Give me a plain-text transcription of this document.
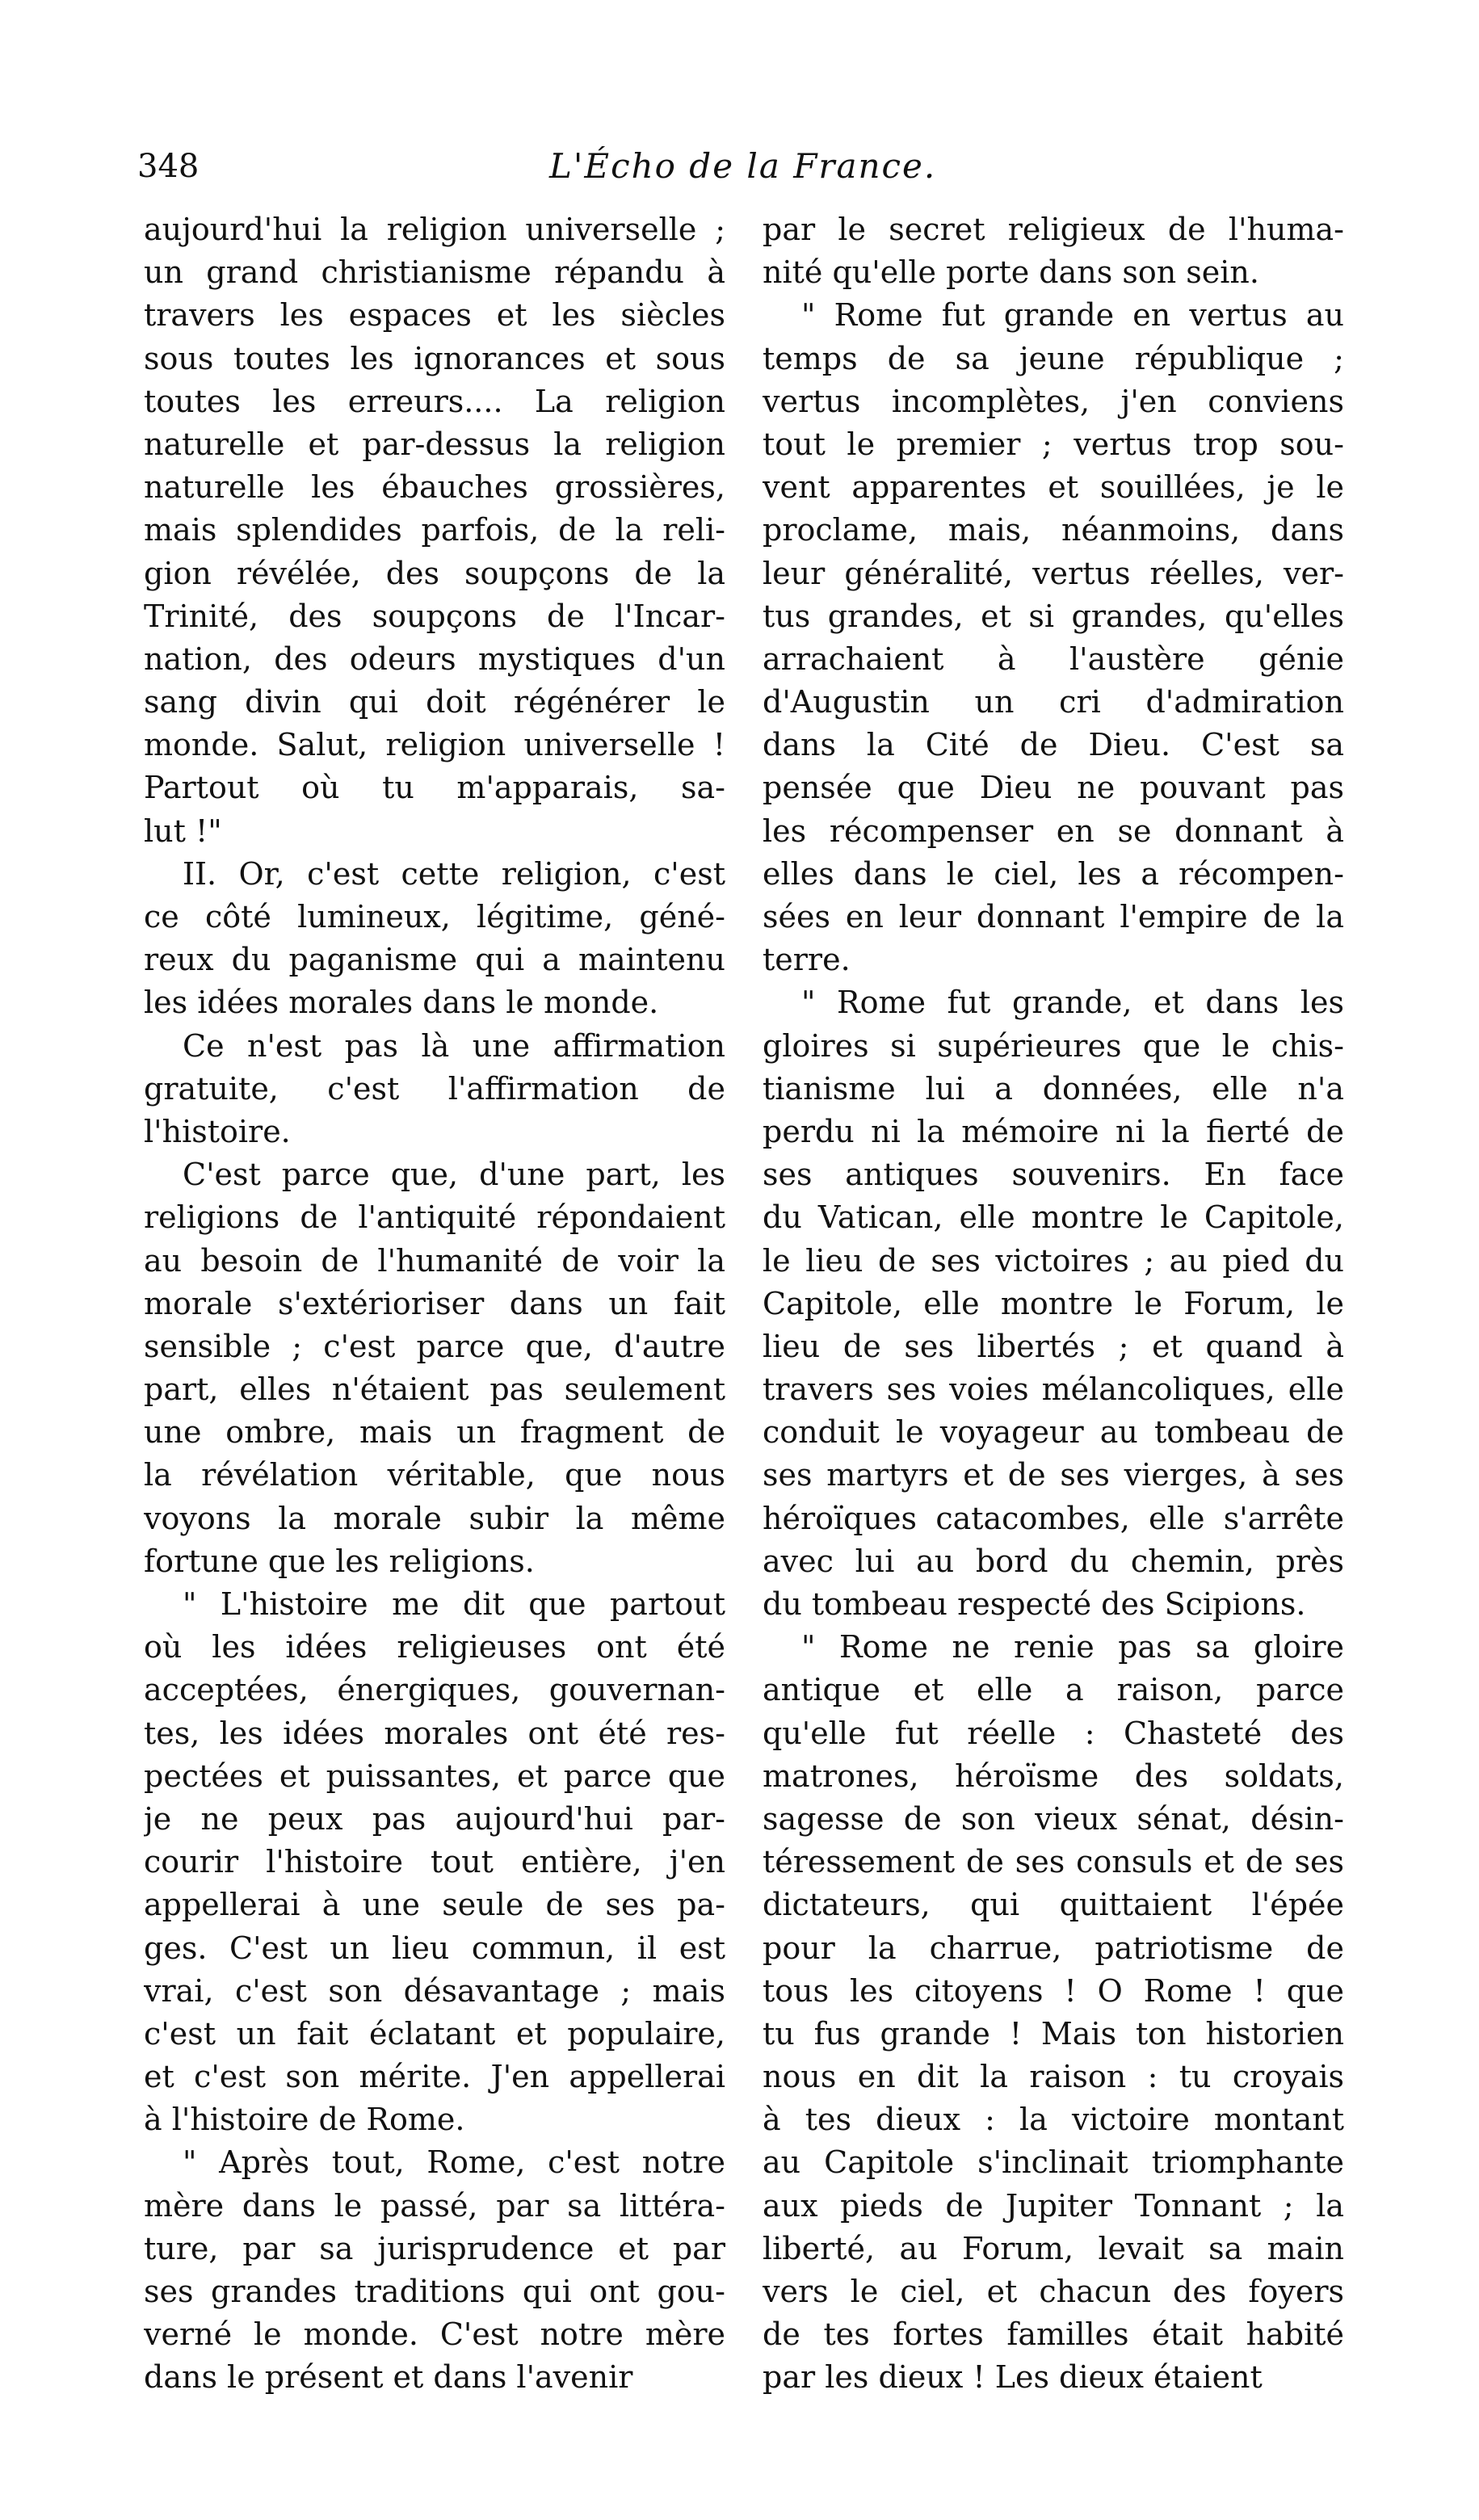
348	L'Écho de la France.
aujourd'hui la religion universelle ;
un grand christianisme répandu à
travers les espaces et les siècles
sous toutes les ignorances et sous
toutes les erreurs.... La religion
naturelle et par-dessus la religion
naturelle les ébauches grossières,
mais splendides parfois, de la reli-
gion révélée, des soupçons de la
Trinité, des soupçons de l'Incar-
nation, des odeurs mystiques d'un
sang divin qui doit régénérer le
monde. Salut, religion universelle !
Partout où tu m'apparais, sa-
lut !"
II. Or, c'est cette religion, c'est
ce côté lumineux, légitime, géné-
reux du paganisme qui a maintenu
les idées morales dans le monde.
Ce n'est pas là une affirmation
gratuite, c'est l'affirmation de
l'histoire.
C'est parce que, d'une part, les
religions de l'antiquité répondaient
au besoin de l'humanité de voir la
morale s'extérioriser dans un fait
sensible ; c'est parce que, d'autre
part, elles n'étaient pas seulement
une ombre, mais un fragment de
la révélation véritable, que nous
voyons la morale subir la même
fortune que les religions.
" L'histoire me dit que partout
où les idées religieuses ont été
acceptées, énergiques, gouvernan-
tes, les idées morales ont été res-
pectées et puissantes, et parce que
je ne peux pas aujourd'hui par-
courir l'histoire tout entière, j'en
appellerai à une seule de ses pa-
ges. C'est un lieu commun, il est
vrai, c'est son désavantage ; mais
c'est un fait éclatant et populaire,
et c'est son mérite. J'en appellerai
à l'histoire de Rome.
" Après tout, Rome, c'est notre
mère dans le passé, par sa littéra-
ture, par sa jurisprudence et par
ses grandes traditions qui ont gou-
verné le monde. C'est notre mère
dans le présent et dans l'avenir
par le secret religieux de l'huma-
nité qu'elle porte dans son sein.
" Rome fut grande en vertus au
temps de sa jeune république ;
vertus incomplètes, j'en conviens
tout le premier ; vertus trop sou-
vent apparentes et souillées, je le
proclame, mais, néanmoins, dans
leur généralité, vertus réelles, ver-
tus grandes, et si grandes, qu'elles
arrachaient à l'austère génie
d'Augustin un cri d'admiration
dans la Cité de Dieu. C'est sa
pensée que Dieu ne pouvant pas
les récompenser en se donnant à
elles dans le ciel, les a récompen-
sées en leur donnant l'empire de la
terre.
" Rome fut grande, et dans les
gloires si supérieures que le chis-
tianisme lui a données, elle n'a
perdu ni la mémoire ni la fierté de
ses antiques souvenirs. En face
du Vatican, elle montre le Capitole,
le lieu de ses victoires ; au pied du
Capitole, elle montre le Forum, le
lieu de ses libertés ; et quand à
travers ses voies mélancoliques, elle
conduit le voyageur au tombeau de
ses martyrs et de ses vierges, à ses
héroïques catacombes, elle s'arrête
avec lui au bord du chemin, près
du tombeau respecté des Scipions.
" Rome ne renie pas sa gloire
antique et elle a raison, parce
qu'elle fut réelle : Chasteté des
matrones, héroïsme des soldats,
sagesse de son vieux sénat, désin-
téressement de ses consuls et de ses
dictateurs, qui quittaient l'épée
pour la charrue, patriotisme de
tous les citoyens ! O Rome ! que
tu fus grande ! Mais ton historien
nous en dit la raison : tu croyais
à tes dieux : la victoire montant
au Capitole s'inclinait triomphante
aux pieds de Jupiter Tonnant ; la
liberté, au Forum, levait sa main
vers le ciel, et chacun des foyers
de tes fortes familles était habité
par les dieux ! Les dieux étaient
